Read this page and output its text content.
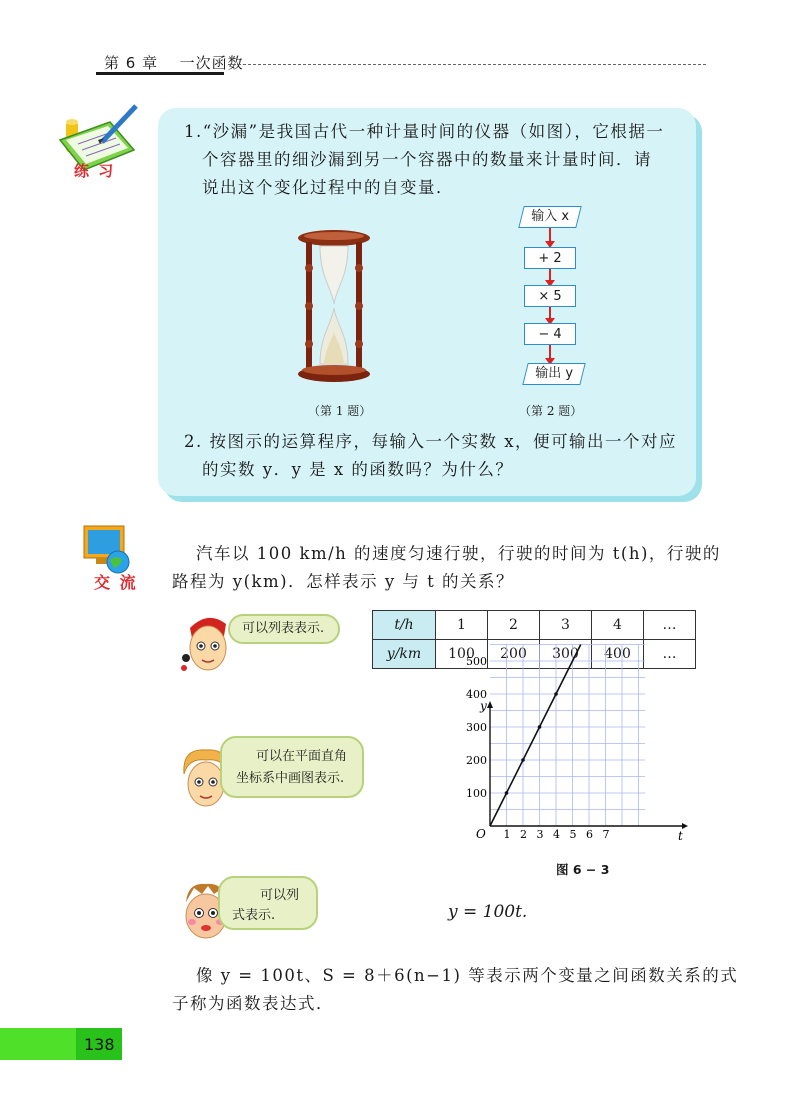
第 6 章 一次函数
练 习
1.“沙漏”是我国古代一种计量时间的仪器（如图），它根据一
个容器里的细沙漏到另一个容器中的数量来计量时间．请
说出这个变化过程中的自变量．
输入 x
+ 2
× 5
− 4
输出 y
（第 1 题）	（第 2 题）
2. 按图示的运算程序，每输入一个实数 x，便可输出一个对应
的实数 y．y 是 x 的函数吗？为什么？
交 流
汽车以 100 km/h 的速度匀速行驶，行驶的时间为 t(h)，行驶的
路程为 y(km)．怎样表示 y 与 t 的关系？
可以列表表示.	t/h	1	2	3	4	…
y/km	100	200	300	400	…
可以在平面直角
坐标系中画图表示.
t
y
O 1 2 3 4 5 6 7
100
200
300
400
500
图 6 − 3
可以列
式表示.	y = 100t.
像 y = 100t、S = 8＋6(n−1) 等表示两个变量之间函数关系的式
子称为函数表达式．
138
